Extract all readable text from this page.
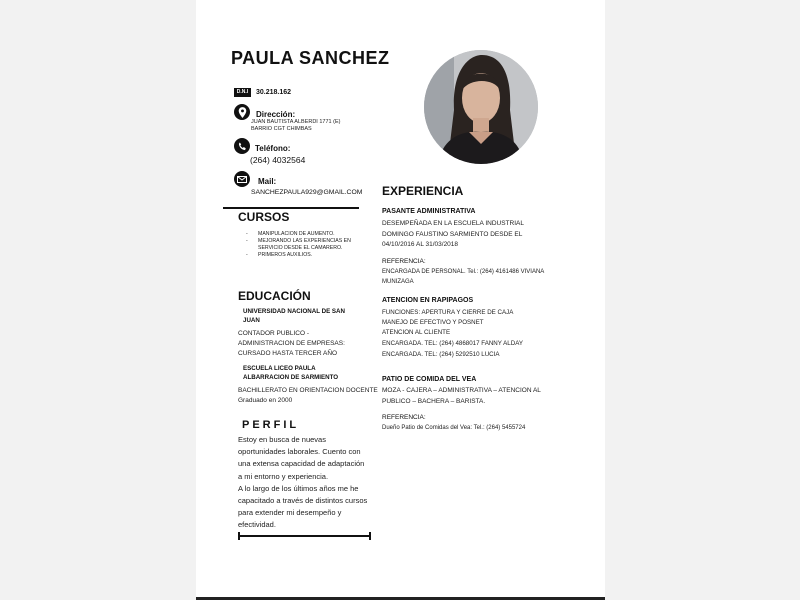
PAULA SANCHEZ
D.N.I	30.218.162
Dirección:
JUAN BAUTISTA ALBERDI 1771 (E)
BARRIO CGT CHIMBAS
Teléfono:
(264) 4032564
Mail:
SANCHEZPAULA929@GMAIL.COM
CURSOS
- MANIPULACION DE AUMENTO.
- MEJORANDO LAS EXPERIENCIAS EN SERVICIO DESDE EL CAMARERO.
- PRIMEROS AUXILIOS.
EDUCACIÓN
UNIVERSIDAD NACIONAL DE SAN JUAN
CONTADOR PUBLICO -
ADMINISTRACION DE EMPRESAS:
CURSADO HASTA TERCER AÑO
ESCUELA LICEO PAULA ALBARRACION DE SARMIENTO
BACHILLERATO EN ORIENTACION DOCENTE
Graduado en 2000
PERFIL
Estoy en busca de nuevas
oportunidades laborales. Cuento con
una extensa capacidad de adaptación
a mi entorno y experiencia.
A lo largo de los últimos años me he
capacitado a través de distintos cursos
para extender mi desempeño y
efectividad.
EXPERIENCIA
PASANTE ADMINISTRATIVA
DESEMPEÑADA EN LA ESCUELA INDUSTRIAL
DOMINGO FAUSTINO SARMIENTO DESDE EL
04/10/2016 AL 31/03/2018
REFERENCIA:
ENCARGADA DE PERSONAL. Tel.: (264) 4161486 VIVIANA
MUNIZAGA
ATENCION EN RAPIPAGOS
FUNCIONES: APERTURA Y CIERRE DE CAJA
MANEJO DE EFECTIVO Y POSNET
ATENCION AL CLIENTE
ENCARGADA. TEL: (264) 4868017 FANNY ALDAY
ENCARGADA. TEL: (264) 5292510 LUCIA
PATIO DE COMIDA DEL VEA
MOZA - CAJERA – ADMINISTRATIVA – ATENCION AL
PUBLICO – BACHERA – BARISTA.
REFERENCIA:
Dueño Patio de Comidas del Vea: Tel.: (264) 5455724
